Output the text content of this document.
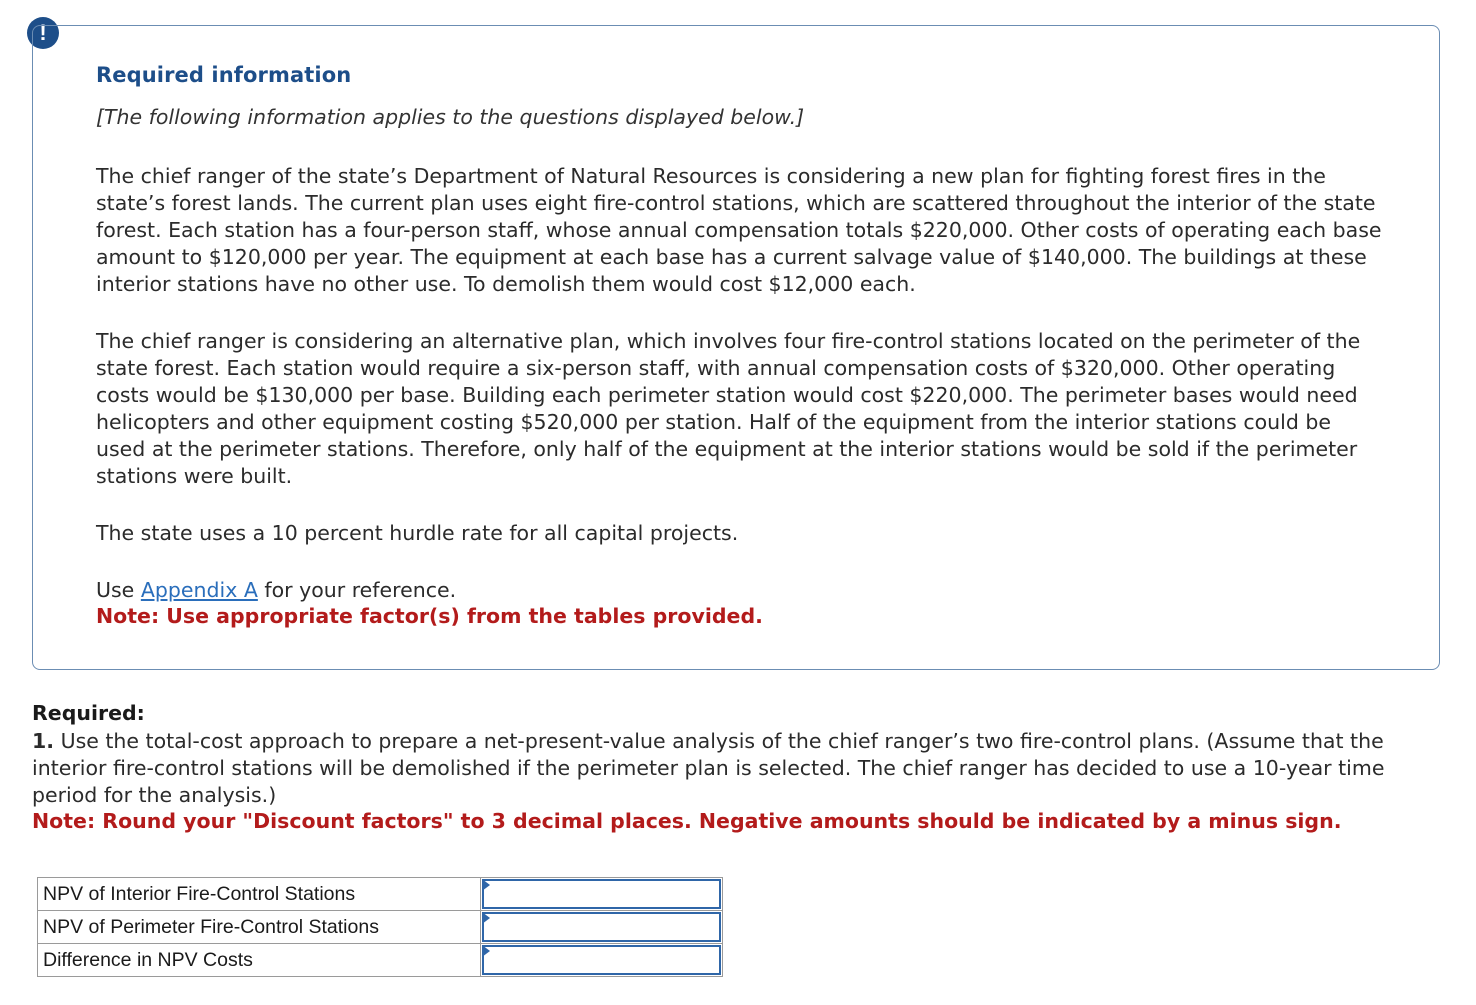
!
Required information
[The following information applies to the questions displayed below.]

The chief ranger of the state’s Department of Natural Resources is considering a new plan for fighting forest fires in the state’s forest lands. The current plan uses eight fire-control stations, which are scattered throughout the interior of the state forest. Each station has a four-person staff, whose annual compensation totals $220,000. Other costs of operating each base amount to $120,000 per year. The equipment at each base has a current salvage value of $140,000. The buildings at these interior stations have no other use. To demolish them would cost $12,000 each.

The chief ranger is considering an alternative plan, which involves four fire-control stations located on the perimeter of the state forest. Each station would require a six-person staff, with annual compensation costs of $320,000. Other operating costs would be $130,000 per base. Building each perimeter station would cost $220,000. The perimeter bases would need helicopters and other equipment costing $520,000 per station. Half of the equipment from the interior stations could be used at the perimeter stations. Therefore, only half of the equipment at the interior stations would be sold if the perimeter stations were built.

The state uses a 10 percent hurdle rate for all capital projects.

Use Appendix A for your reference.

Note: Use appropriate factor(s) from the tables provided.
Required:

1. Use the total-cost approach to prepare a net-present-value analysis of the chief ranger’s two fire-control plans. (Assume that the interior fire-control stations will be demolished if the perimeter plan is selected. The chief ranger has decided to use a 10-year time period for the analysis.)

Note: Round your "Discount factors" to 3 decimal places. Negative amounts should be indicated by a minus sign.
NPV of Interior Fire-Control Stations	

NPV of Perimeter Fire-Control Stations	

Difference in NPV Costs	
